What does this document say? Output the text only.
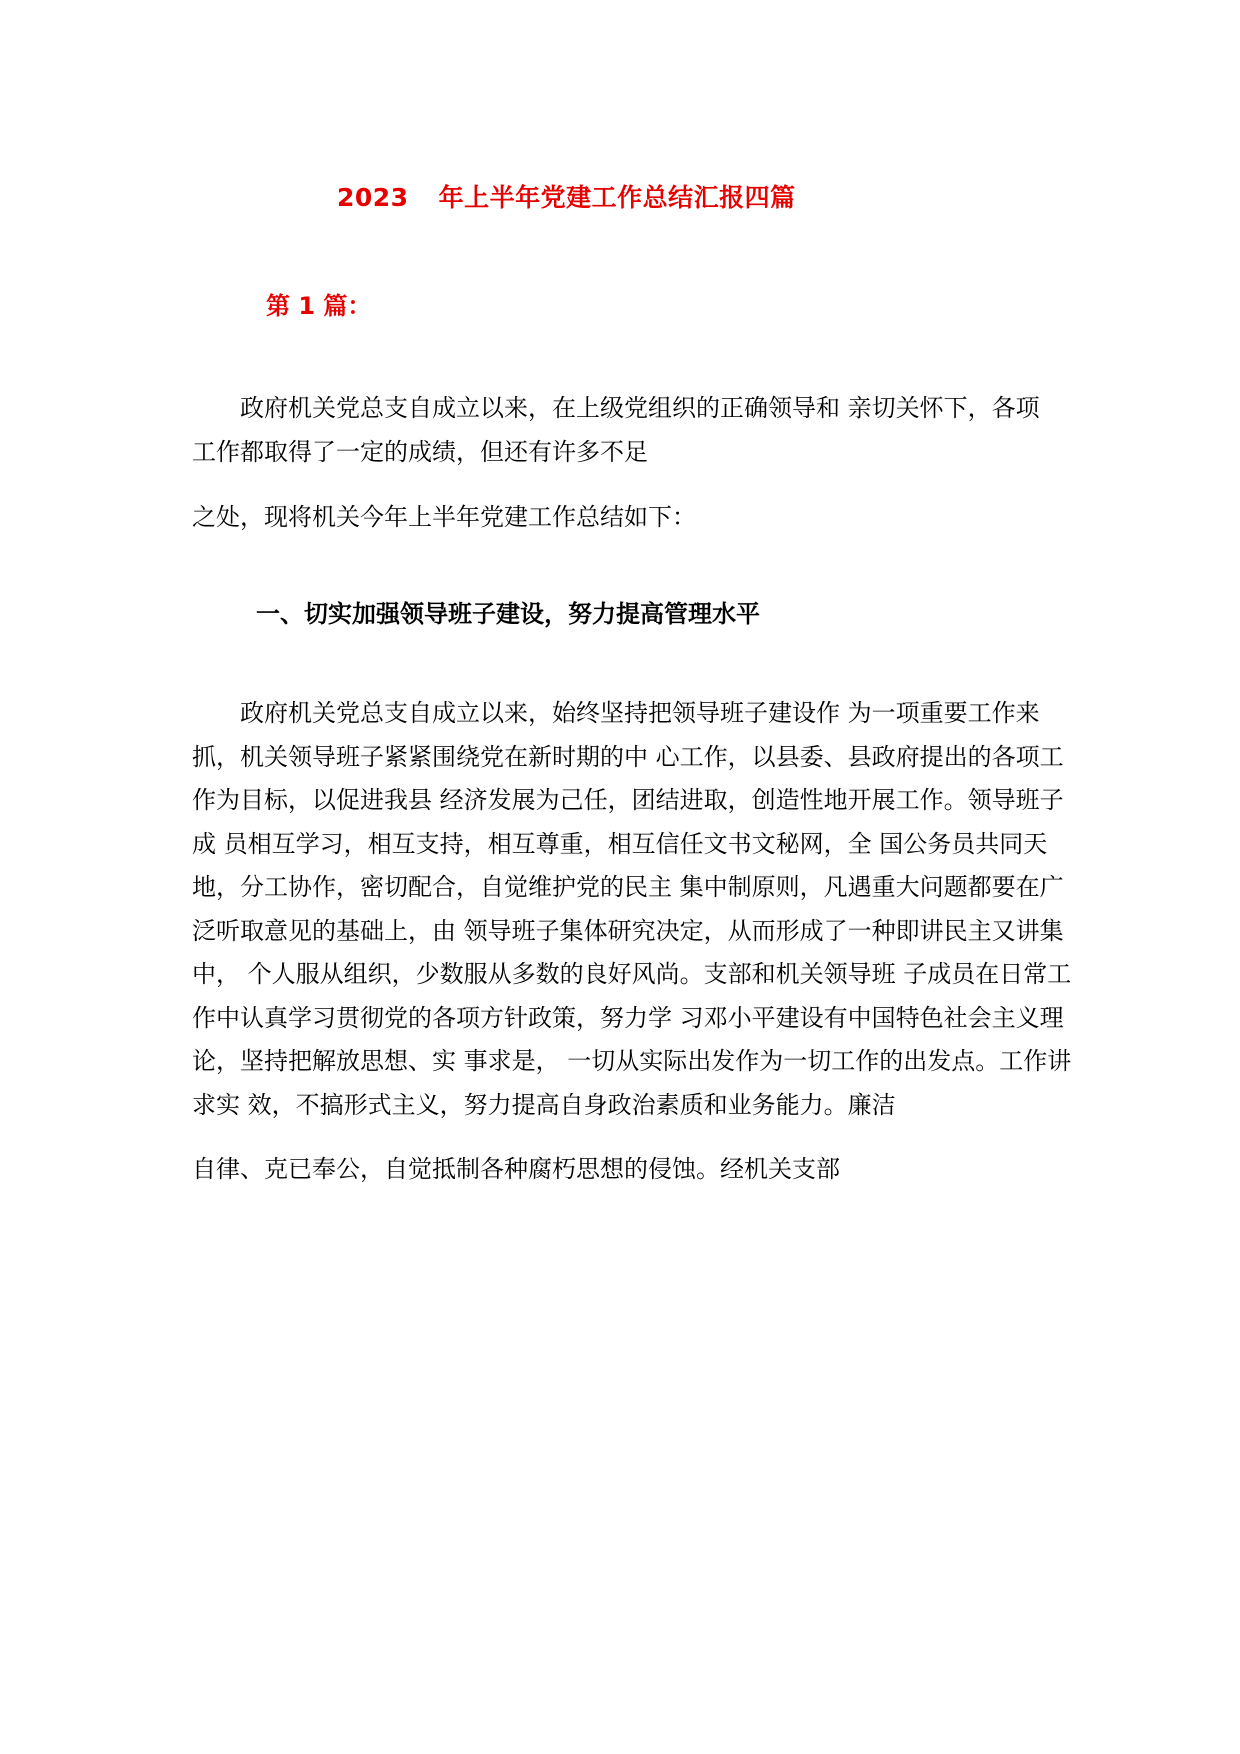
2023 年上半年党建工作总结汇报四篇
第 1 篇：
　　政府机关党总支自成立以来，在上级党组织的正确领导和 亲切关怀下，各项
工作都取得了一定的成绩，但还有许多不足
之处，现将机关今年上半年党建工作总结如下：
一、切实加强领导班子建设，努力提高管理水平
　　政府机关党总支自成立以来，始终坚持把领导班子建设作 为一项重要工作来
抓，机关领导班子紧紧围绕党在新时期的中 心工作，以县委、县政府提出的各项工
作为目标，以促进我县 经济发展为己任，团结进取，创造性地开展工作。领导班子
成 员相互学习，相互支持，相互尊重，相互信任文书文秘网，全 国公务员共同天
地，分工协作，密切配合，自觉维护党的民主 集中制原则，凡遇重大问题都要在广
泛听取意见的基础上，由 领导班子集体研究决定，从而形成了一种即讲民主又讲集
中， 个人服从组织，少数服从多数的良好风尚。支部和机关领导班 子成员在日常工
作中认真学习贯彻党的各项方针政策，努力学 习邓小平建设有中国特色社会主义理
论，坚持把解放思想、实 事求是， 一切从实际出发作为一切工作的出发点。工作讲
求实 效，不搞形式主义，努力提高自身政治素质和业务能力。廉洁
自律、克已奉公，自觉抵制各种腐朽思想的侵蚀。经机关支部
